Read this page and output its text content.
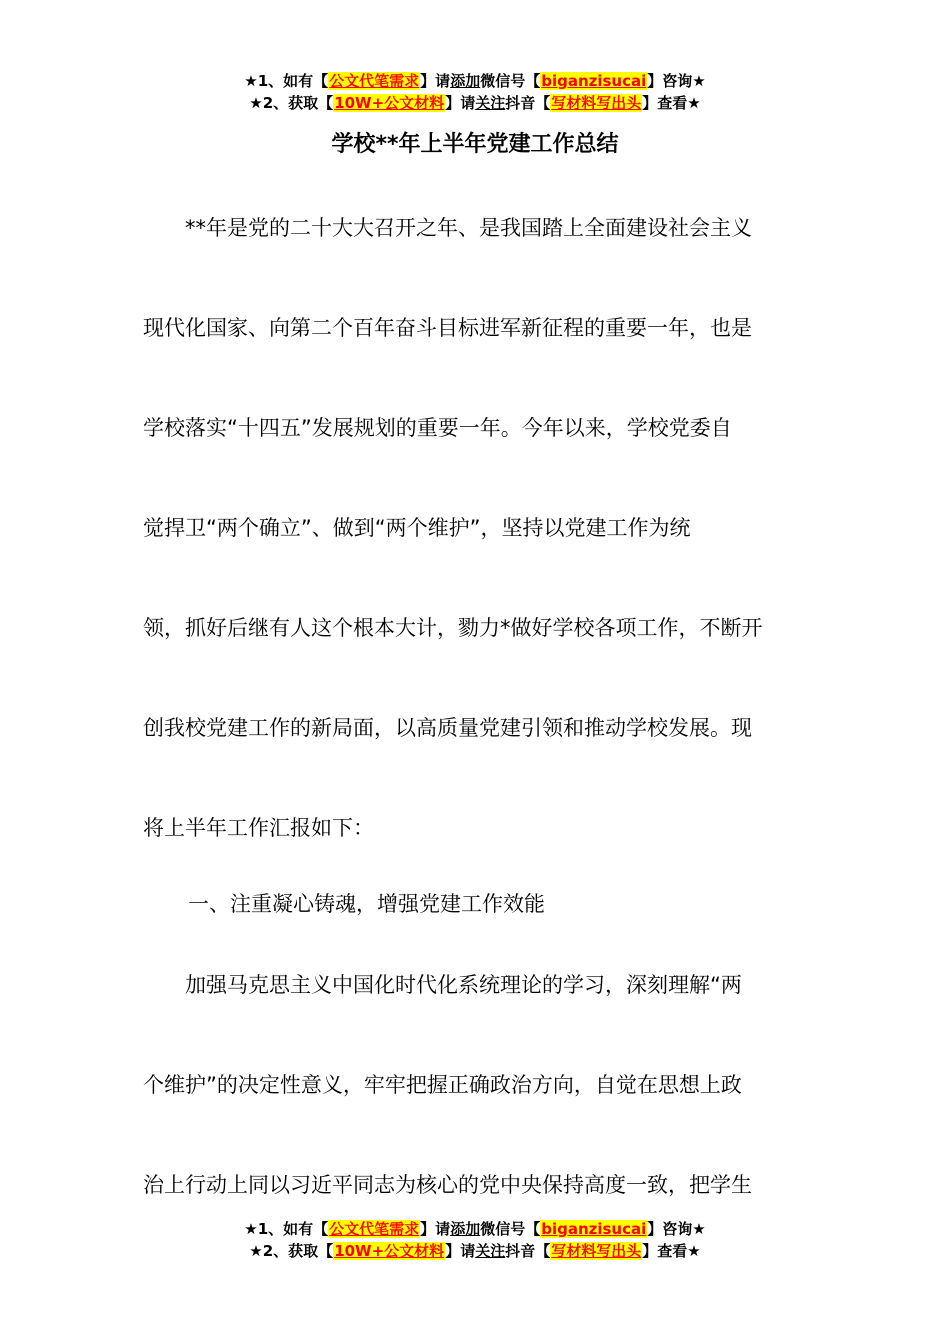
★1、如有【公文代笔需求】请添加微信号【biganzisucai】咨询★
★2、获取【10W+公文材料】请关注抖音【写材料写出头】查看★
学校**年上半年党建工作总结
　　**年是党的二十大大召开之年、是我国踏上全面建设社会主义
现代化国家、向第二个百年奋斗目标进军新征程的重要一年，也是
学校落实“十四五”发展规划的重要一年。今年以来，学校党委自
觉捍卫“两个确立”、做到“两个维护”，坚持以党建工作为统
领，抓好后继有人这个根本大计，勠力*做好学校各项工作，不断开
创我校党建工作的新局面，以高质量党建引领和推动学校发展。现
将上半年工作汇报如下：
一、注重凝心铸魂，增强党建工作效能
　　加强马克思主义中国化时代化系统理论的学习，深刻理解“两
个维护”的决定性意义，牢牢把握正确政治方向，自觉在思想上政
治上行动上同以习近平同志为核心的党中央保持高度一致，把学生
★1、如有【公文代笔需求】请添加微信号【biganzisucai】咨询★
★2、获取【10W+公文材料】请关注抖音【写材料写出头】查看★
